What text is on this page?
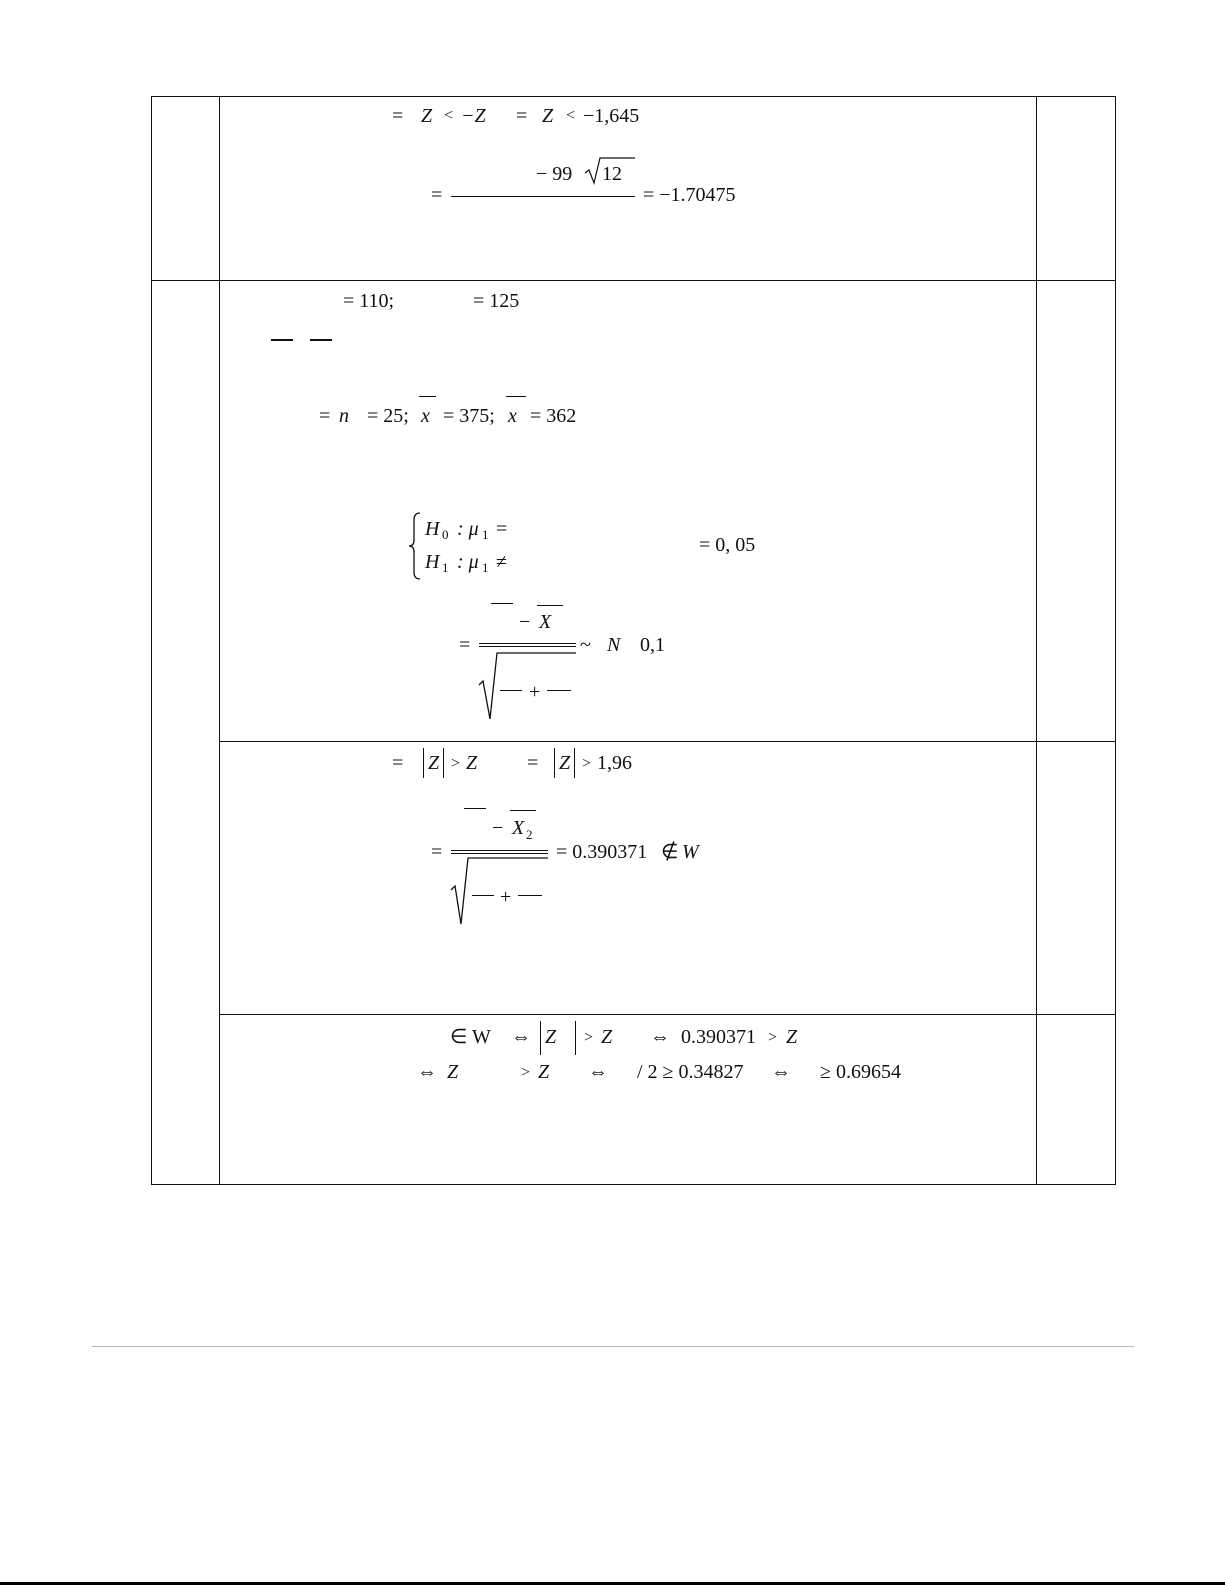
= Z < −Z = Z < −1,645
− 99 12
=	= −1.70475
= 110;	= 125
= n = 25; x = 375; x = 362
H 0 : μ 1 =
H 1 : μ 1 ≠
= 0, 05
− X
=	~ N 0,1
+
= Z > Z = Z > 1,96
− X 2
=	= 0.390371 ∉ W
+
∈ W ⇔ Z > Z ⇔ 0.390371 > Z
⇔ Z	> Z ⇔ / 2 ≥ 0.34827 ⇔ ≥ 0.69654
